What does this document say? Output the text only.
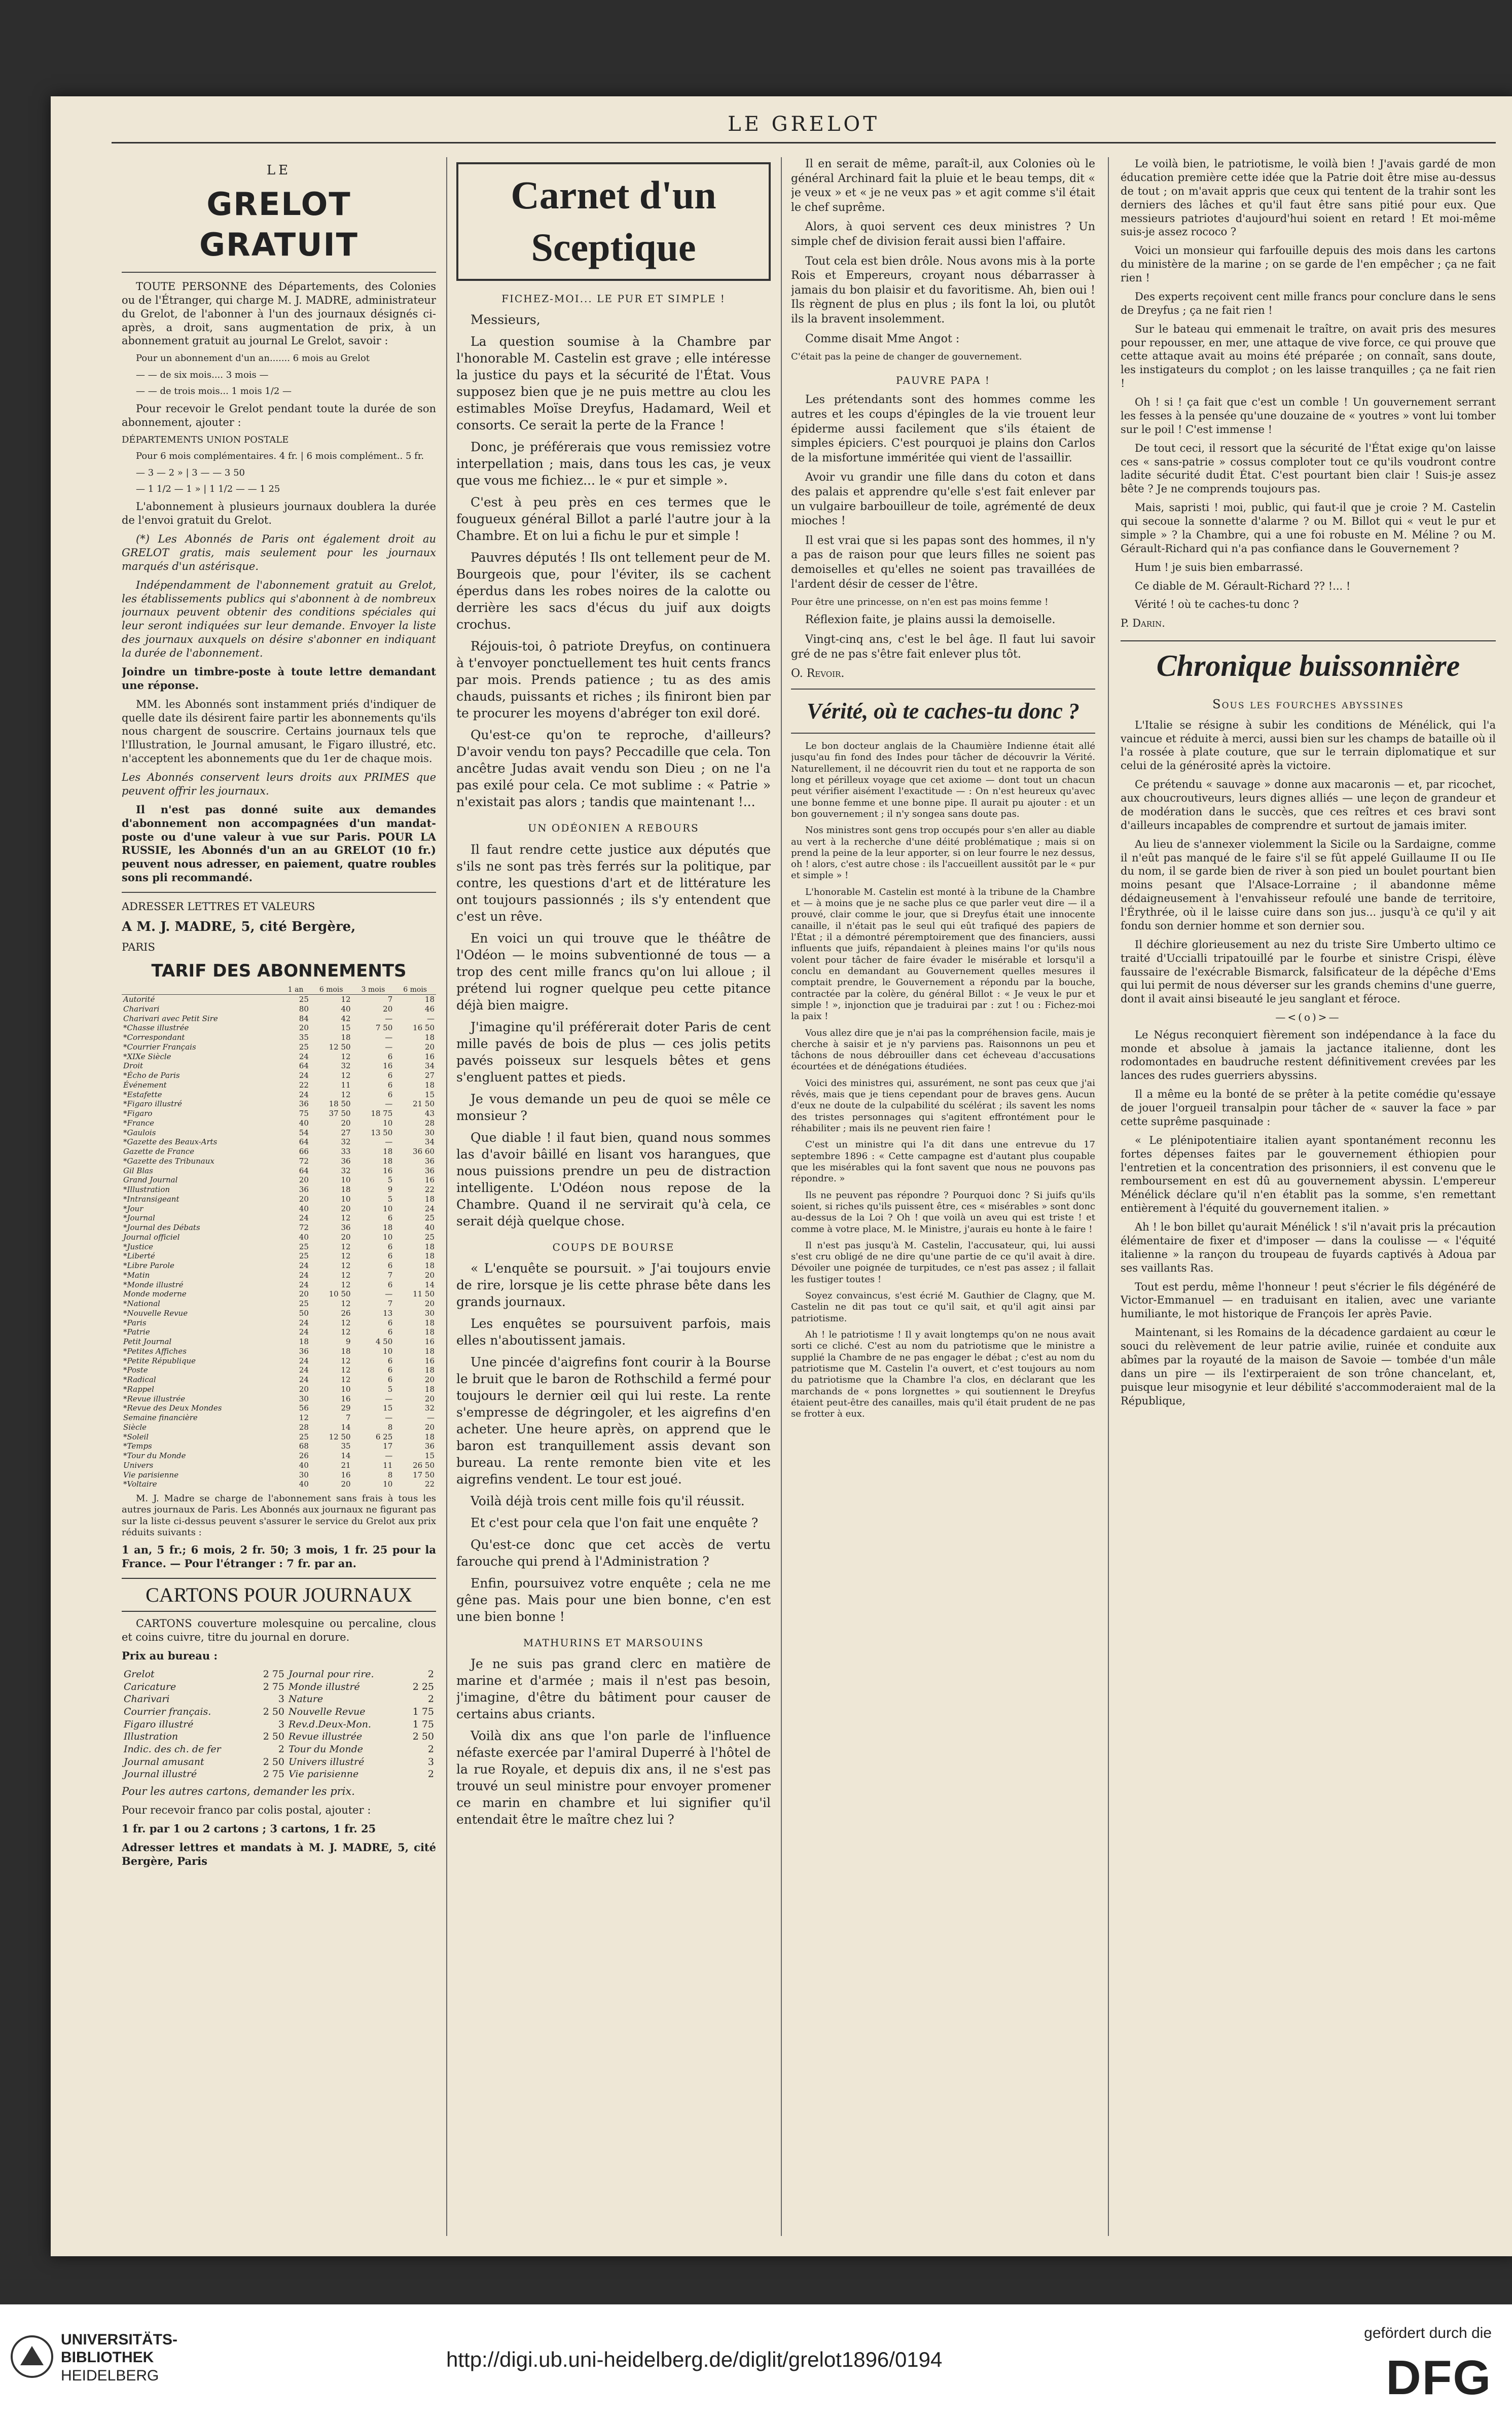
LE GRELOT
LE
GRELOT GRATUIT

TOUTE PERSONNE des Départements, des Colonies ou de l'Étranger, qui charge M. J. MADRE, administrateur du Grelot, de l'abonner à l'un des journaux désignés ci-après, a droit, sans augmentation de prix, à un abonnement gratuit au journal Le Grelot, savoir :

Pour un abonnement d'un an....... 6 mois au Grelot

— — de six mois.... 3 mois —

— — de trois mois... 1 mois 1/2 —

Pour recevoir le Grelot pendant toute la durée de son abonnement, ajouter :

DÉPARTEMENTS UNION POSTALE

Pour 6 mois complémentaires. 4 fr. | 6 mois complément.. 5 fr.

— 3 — 2 » | 3 — — 3 50

— 1 1/2 — 1 » | 1 1/2 — — 1 25

L'abonnement à plusieurs journaux doublera la durée de l'envoi gratuit du Grelot.

(*) Les Abonnés de Paris ont également droit au GRELOT gratis, mais seulement pour les journaux marqués d'un astérisque.

Indépendamment de l'abonnement gratuit au Grelot, les établissements publics qui s'abonnent à de nombreux journaux peuvent obtenir des conditions spéciales qui leur seront indiquées sur leur demande. Envoyer la liste des journaux auxquels on désire s'abonner en indiquant la durée de l'abonnement.

Joindre un timbre-poste à toute lettre demandant une réponse.

MM. les Abonnés sont instamment priés d'indiquer de quelle date ils désirent faire partir les abonnements qu'ils nous chargent de souscrire. Certains journaux tels que l'Illustration, le Journal amusant, le Figaro illustré, etc. n'acceptent les abonnements que du 1er de chaque mois.

Les Abonnés conservent leurs droits aux PRIMES que peuvent offrir les journaux.

Il n'est pas donné suite aux demandes d'abonnement non accompagnées d'un mandat-poste ou d'une valeur à vue sur Paris. POUR LA RUSSIE, les Abonnés d'un an au GRELOT (10 fr.) peuvent nous adresser, en paiement, quatre roubles sons pli recommandé.

ADRESSER LETTRES ET VALEURS

A M. J. MADRE, 5, cité Bergère,

PARIS

TARIF DES ABONNEMENTS
	1 an	6 mois	3 mois	6 mois
Autorité	25	12	7	18
Charivari	80	40	20	46
Charivari avec Petit Sire	84	42	—	—
*Chasse illustrée	20	15	7 50	16 50
*Correspondant	35	18	—	18
*Courrier Français	25	12 50	—	20
*XIXe Siècle	24	12	6	16
Droit	64	32	16	34
*Écho de Paris	24	12	6	27
Événement	22	11	6	18
*Estafette	24	12	6	15
*Figaro illustré	36	18 50	—	21 50
*Figaro	75	37 50	18 75	43
*France	40	20	10	28
*Gaulois	54	27	13 50	30
*Gazette des Beaux-Arts	64	32	—	34
Gazette de France	66	33	18	36 60
*Gazette des Tribunaux	72	36	18	36
Gil Blas	64	32	16	36
Grand Journal	20	10	5	16
*Illustration	36	18	9	22
*Intransigeant	20	10	5	18
*Jour	40	20	10	24
*Journal	24	12	6	25
*Journal des Débats	72	36	18	40
Journal officiel	40	20	10	25
*Justice	25	12	6	18
*Liberté	25	12	6	18
*Libre Parole	24	12	6	18
*Matin	24	12	7	20
*Monde illustré	24	12	6	14
Monde moderne	20	10 50	—	11 50
*National	25	12	7	20
*Nouvelle Revue	50	26	13	30
*Paris	24	12	6	18
*Patrie	24	12	6	18
Petit Journal	18	9	4 50	16
*Petites Affiches	36	18	10	18
*Petite République	24	12	6	16
*Poste	24	12	6	18
*Radical	24	12	6	20
*Rappel	20	10	5	18
*Revue illustrée	30	16	—	20
*Revue des Deux Mondes	56	29	15	32
Semaine financière	12	7	—	—
Siècle	28	14	8	20
*Soleil	25	12 50	6 25	18
*Temps	68	35	17	36
*Tour du Monde	26	14	—	15
Univers	40	21	11	26 50
Vie parisienne	30	16	8	17 50
*Voltaire	40	20	10	22

M. J. Madre se charge de l'abonnement sans frais à tous les autres journaux de Paris. Les Abonnés aux journaux ne figurant pas sur la liste ci-dessus peuvent s'assurer le service du Grelot aux prix réduits suivants :

1 an, 5 fr.; 6 mois, 2 fr. 50; 3 mois, 1 fr. 25 pour la France. — Pour l'étranger : 7 fr. par an.

CARTONS POUR JOURNAUX

CARTONS couverture molesquine ou percaline, clous et coins cuivre, titre du journal en dorure.

Prix au bureau :

Grelot	2 75	Journal pour rire.	2
Caricature	2 75	Monde illustré	2 25
Charivari	3	Nature	2
Courrier français.	2 50	Nouvelle Revue	1 75
Figaro illustré	3	Rev.d.Deux-Mon.	1 75
Illustration	2 50	Revue illustrée	2 50
Indic. des ch. de fer	2	Tour du Monde	2
Journal amusant	2 50	Univers illustré	3
Journal illustré	2 75	Vie parisienne	2

Pour les autres cartons, demander les prix.

Pour recevoir franco par colis postal, ajouter :

1 fr. par 1 ou 2 cartons ; 3 cartons, 1 fr. 25

Adresser lettres et mandats à M. J. MADRE, 5, cité Bergère, Paris

Carnet d'un Sceptique
FICHEZ-MOI... LE PUR ET SIMPLE !

Messieurs,

La question soumise à la Chambre par l'honorable M. Castelin est grave ; elle intéresse la justice du pays et la sécurité de l'État. Vous supposez bien que je ne puis mettre au clou les estimables Moïse Dreyfus, Hadamard, Weil et consorts. Ce serait la perte de la France !

Donc, je préférerais que vous remissiez votre interpellation ; mais, dans tous les cas, je veux que vous me fichiez... le « pur et simple ».

C'est à peu près en ces termes que le fougueux général Billot a parlé l'autre jour à la Chambre. Et on lui a fichu le pur et simple !

Pauvres députés ! Ils ont tellement peur de M. Bourgeois que, pour l'éviter, ils se cachent éperdus dans les robes noires de la calotte ou derrière les sacs d'écus du juif aux doigts crochus.

Réjouis-toi, ô patriote Dreyfus, on continuera à t'envoyer ponctuellement tes huit cents francs par mois. Prends patience ; tu as des amis chauds, puissants et riches ; ils finiront bien par te procurer les moyens d'abréger ton exil doré.

Qu'est-ce qu'on te reproche, d'ailleurs? D'avoir vendu ton pays? Peccadille que cela. Ton ancêtre Judas avait vendu son Dieu ; on ne l'a pas exilé pour cela. Ce mot sublime : « Patrie » n'existait pas alors ; tandis que maintenant !...

UN ODÉONIEN A REBOURS

Il faut rendre cette justice aux députés que s'ils ne sont pas très ferrés sur la politique, par contre, les questions d'art et de littérature les ont toujours passionnés ; ils s'y entendent que c'est un rêve.

En voici un qui trouve que le théâtre de l'Odéon — le moins subventionné de tous — a trop des cent mille francs qu'on lui alloue ; il prétend lui rogner quelque peu cette pitance déjà bien maigre.

J'imagine qu'il préférerait doter Paris de cent mille pavés de bois de plus — ces jolis petits pavés poisseux sur lesquels bêtes et gens s'engluent pattes et pieds.

Je vous demande un peu de quoi se mêle ce monsieur ?

Que diable ! il faut bien, quand nous sommes las d'avoir bâillé en lisant vos harangues, que nous puissions prendre un peu de distraction intelligente. L'Odéon nous repose de la Chambre. Quand il ne servirait qu'à cela, ce serait déjà quelque chose.

COUPS DE BOURSE

« L'enquête se poursuit. » J'ai toujours envie de rire, lorsque je lis cette phrase bête dans les grands journaux.

Les enquêtes se poursuivent parfois, mais elles n'aboutissent jamais.

Une pincée d'aigrefins font courir à la Bourse le bruit que le baron de Rothschild a fermé pour toujours le dernier œil qui lui reste. La rente s'empresse de dégringoler, et les aigrefins d'en acheter. Une heure après, on apprend que le baron est tranquillement assis devant son bureau. La rente remonte bien vite et les aigrefins vendent. Le tour est joué.

Voilà déjà trois cent mille fois qu'il réussit.

Et c'est pour cela que l'on fait une enquête ?

Qu'est-ce donc que cet accès de vertu farouche qui prend à l'Administration ?

Enfin, poursuivez votre enquête ; cela ne me gêne pas. Mais pour une bien bonne, c'en est une bien bonne !

MATHURINS ET MARSOUINS

Je ne suis pas grand clerc en matière de marine et d'armée ; mais il n'est pas besoin, j'imagine, d'être du bâtiment pour causer de certains abus criants.

Voilà dix ans que l'on parle de l'influence néfaste exercée par l'amiral Duperré à l'hôtel de la rue Royale, et depuis dix ans, il ne s'est pas trouvé un seul ministre pour envoyer promener ce marin en chambre et lui signifier qu'il entendait être le maître chez lui ?

Il en serait de même, paraît-il, aux Colonies où le général Archinard fait la pluie et le beau temps, dit « je veux » et « je ne veux pas » et agit comme s'il était le chef suprême.

Alors, à quoi servent ces deux ministres ? Un simple chef de division ferait aussi bien l'affaire.

Tout cela est bien drôle. Nous avons mis à la porte Rois et Empereurs, croyant nous débarrasser à jamais du bon plaisir et du favoritisme. Ah, bien oui ! Ils règnent de plus en plus ; ils font la loi, ou plutôt ils la bravent insolemment.

Comme disait Mme Angot :

C'était pas la peine de changer de gouvernement.

PAUVRE PAPA !

Les prétendants sont des hommes comme les autres et les coups d'épingles de la vie trouent leur épiderme aussi facilement que s'ils étaient de simples épiciers. C'est pourquoi je plains don Carlos de la misfortune imméritée qui vient de l'assaillir.

Avoir vu grandir une fille dans du coton et dans des palais et apprendre qu'elle s'est fait enlever par un vulgaire barbouilleur de toile, agrémenté de deux mioches !

Il est vrai que si les papas sont des hommes, il n'y a pas de raison pour que leurs filles ne soient pas demoiselles et qu'elles ne soient pas travaillées de l'ardent désir de cesser de l'être.

Pour être une princesse, on n'en est pas moins femme !

Réflexion faite, je plains aussi la demoiselle.

Vingt-cinq ans, c'est le bel âge. Il faut lui savoir gré de ne pas s'être fait enlever plus tôt.

O. Revoir.

Vérité, où te caches-tu donc ?

Le bon docteur anglais de la Chaumière Indienne était allé jusqu'au fin fond des Indes pour tâcher de découvrir la Vérité. Naturellement, il ne découvrit rien du tout et ne rapporta de son long et périlleux voyage que cet axiome — dont tout un chacun peut vérifier aisément l'exactitude — : On n'est heureux qu'avec une bonne femme et une bonne pipe. Il aurait pu ajouter : et un bon gouvernement ; il n'y songea sans doute pas.

Nos ministres sont gens trop occupés pour s'en aller au diable au vert à la recherche d'une déité problématique ; mais si on prend la peine de la leur apporter, si on leur fourre le nez dessus, oh ! alors, c'est autre chose : ils l'accueillent aussitôt par le « pur et simple » !

L'honorable M. Castelin est monté à la tribune de la Chambre et — à moins que je ne sache plus ce que parler veut dire — il a prouvé, clair comme le jour, que si Dreyfus était une innocente canaille, il n'était pas le seul qui eût trafiqué des papiers de l'État ; il a démontré péremptoirement que des financiers, aussi influents que juifs, répandaient à pleines mains l'or qu'ils nous volent pour tâcher de faire évader le misérable et lorsqu'il a conclu en demandant au Gouvernement quelles mesures il comptait prendre, le Gouvernement a répondu par la bouche, contractée par la colère, du général Billot : « Je veux le pur et simple ! », injonction que je traduirai par : zut ! ou : Fichez-moi la paix !

Vous allez dire que je n'ai pas la compréhension facile, mais je cherche à saisir et je n'y parviens pas. Raisonnons un peu et tâchons de nous débrouiller dans cet écheveau d'accusations écourtées et de dénégations étudiées.

Voici des ministres qui, assurément, ne sont pas ceux que j'ai rêvés, mais que je tiens cependant pour de braves gens. Aucun d'eux ne doute de la culpabilité du scélérat ; ils savent les noms des tristes personnages qui s'agitent effrontément pour le réhabiliter ; mais ils ne peuvent rien faire !

C'est un ministre qui l'a dit dans une entrevue du 17 septembre 1896 : « Cette campagne est d'autant plus coupable que les misérables qui la font savent que nous ne pouvons pas répondre. »

Ils ne peuvent pas répondre ? Pourquoi donc ? Si juifs qu'ils soient, si riches qu'ils puissent être, ces « misérables » sont donc au-dessus de la Loi ? Oh ! que voilà un aveu qui est triste ! et comme à votre place, M. le Ministre, j'aurais eu honte à le faire !

Il n'est pas jusqu'à M. Castelin, l'accusateur, qui, lui aussi s'est cru obligé de ne dire qu'une partie de ce qu'il avait à dire. Dévoiler une poignée de turpitudes, ce n'est pas assez ; il fallait les fustiger toutes !

Soyez convaincus, s'est écrié M. Gauthier de Clagny, que M. Castelin ne dit pas tout ce qu'il sait, et qu'il agit ainsi par patriotisme.

Ah ! le patriotisme ! Il y avait longtemps qu'on ne nous avait sorti ce cliché. C'est au nom du patriotisme que le ministre a supplié la Chambre de ne pas engager le débat ; c'est au nom du patriotisme que M. Castelin l'a ouvert, et c'est toujours au nom du patriotisme que la Chambre l'a clos, en déclarant que les marchands de « pons lorgnettes » qui soutiennent le Dreyfus étaient peut-être des canailles, mais qu'il était prudent de ne pas se frotter à eux.

Le voilà bien, le patriotisme, le voilà bien ! J'avais gardé de mon éducation première cette idée que la Patrie doit être mise au-dessus de tout ; on m'avait appris que ceux qui tentent de la trahir sont les derniers des lâches et qu'il faut être sans pitié pour eux. Que messieurs patriotes d'aujourd'hui soient en retard ! Et moi-même suis-je assez rococo ?

Voici un monsieur qui farfouille depuis des mois dans les cartons du ministère de la marine ; on se garde de l'en empêcher ; ça ne fait rien !

Des experts reçoivent cent mille francs pour conclure dans le sens de Dreyfus ; ça ne fait rien !

Sur le bateau qui emmenait le traître, on avait pris des mesures pour repousser, en mer, une attaque de vive force, ce qui prouve que cette attaque avait au moins été préparée ; on connaît, sans doute, les instigateurs du complot ; on les laisse tranquilles ; ça ne fait rien !

Oh ! si ! ça fait que c'est un comble ! Un gouvernement serrant les fesses à la pensée qu'une douzaine de « youtres » vont lui tomber sur le poil ! C'est immense !

De tout ceci, il ressort que la sécurité de l'État exige qu'on laisse ces « sans-patrie » cossus comploter tout ce qu'ils voudront contre ladite sécurité dudit État. C'est pourtant bien clair ! Suis-je assez bête ? Je ne comprends toujours pas.

Mais, sapristi ! moi, public, qui faut-il que je croie ? M. Castelin qui secoue la sonnette d'alarme ? ou M. Billot qui « veut le pur et simple » ? la Chambre, qui a une foi robuste en M. Méline ? ou M. Gérault-Richard qui n'a pas confiance dans le Gouvernement ?

Hum ! je suis bien embarrassé.

Ce diable de M. Gérault-Richard ?? !... !

Vérité ! où te caches-tu donc ?

P. Darin.

Chronique buissonnière
Sous les fourches abyssines

L'Italie se résigne à subir les conditions de Ménélick, qui l'a vaincue et réduite à merci, aussi bien sur les champs de bataille où il l'a rossée à plate couture, que sur le terrain diplomatique et sur celui de la générosité après la victoire.

Ce prétendu « sauvage » donne aux macaronis — et, par ricochet, aux choucroutiveurs, leurs dignes alliés — une leçon de grandeur et de modération dans le succès, que ces reîtres et ces bravi sont d'ailleurs incapables de comprendre et surtout de jamais imiter.

Au lieu de s'annexer violemment la Sicile ou la Sardaigne, comme il n'eût pas manqué de le faire s'il se fût appelé Guillaume II ou IIe du nom, il se garde bien de river à son pied un boulet pourtant bien moins pesant que l'Alsace-Lorraine ; il abandonne même dédaigneusement à l'envahisseur refoulé une bande de territoire, l'Érythrée, où il le laisse cuire dans son jus... jusqu'à ce qu'il y ait fondu son dernier homme et son dernier sou.

Il déchire glorieusement au nez du triste Sire Umberto ultimo ce traité d'Uccialli tripatouillé par le fourbe et sinistre Crispi, élève faussaire de l'exécrable Bismarck, falsificateur de la dépêche d'Ems qui lui permit de nous déverser sur les grands chemins d'une guerre, dont il avait ainsi biseauté le jeu sanglant et féroce.

—<(o)>—

Le Négus reconquiert fièrement son indépendance à la face du monde et absolue à jamais la jactance italienne, dont les rodomontades en baudruche restent définitivement crevées par les lances des rudes guerriers abyssins.

Il a même eu la bonté de se prêter à la petite comédie qu'essaye de jouer l'orgueil transalpin pour tâcher de « sauver la face » par cette suprême pasquinade :

« Le plénipotentiaire italien ayant spontanément reconnu les fortes dépenses faites par le gouvernement éthiopien pour l'entretien et la concentration des prisonniers, il est convenu que le remboursement en est dû au gouvernement abyssin. L'empereur Ménélick déclare qu'il n'en établit pas la somme, s'en remettant entièrement à l'équité du gouvernement italien. »

Ah ! le bon billet qu'aurait Ménélick ! s'il n'avait pris la précaution élémentaire de fixer et d'imposer — dans la coulisse — « l'équité italienne » la rançon du troupeau de fuyards captivés à Adoua par ses vaillants Ras.

Tout est perdu, même l'honneur ! peut s'écrier le fils dégénéré de Victor-Emmanuel — en traduisant en italien, avec une variante humiliante, le mot historique de François Ier après Pavie.

Maintenant, si les Romains de la décadence gardaient au cœur le souci du relèvement de leur patrie avilie, ruinée et conduite aux abîmes par la royauté de la maison de Savoie — tombée d'un mâle dans un pire — ils l'extirperaient de son trône chancelant, et, puisque leur misogynie et leur débilité s'accommoderaient mal de la République,

UNIVERSITÄTS-
BIBLIOTHEK
HEIDELBERG
http://digi.ub.uni-heidelberg.de/diglit/grelot1896/0194
gefördert durch die
DFG
